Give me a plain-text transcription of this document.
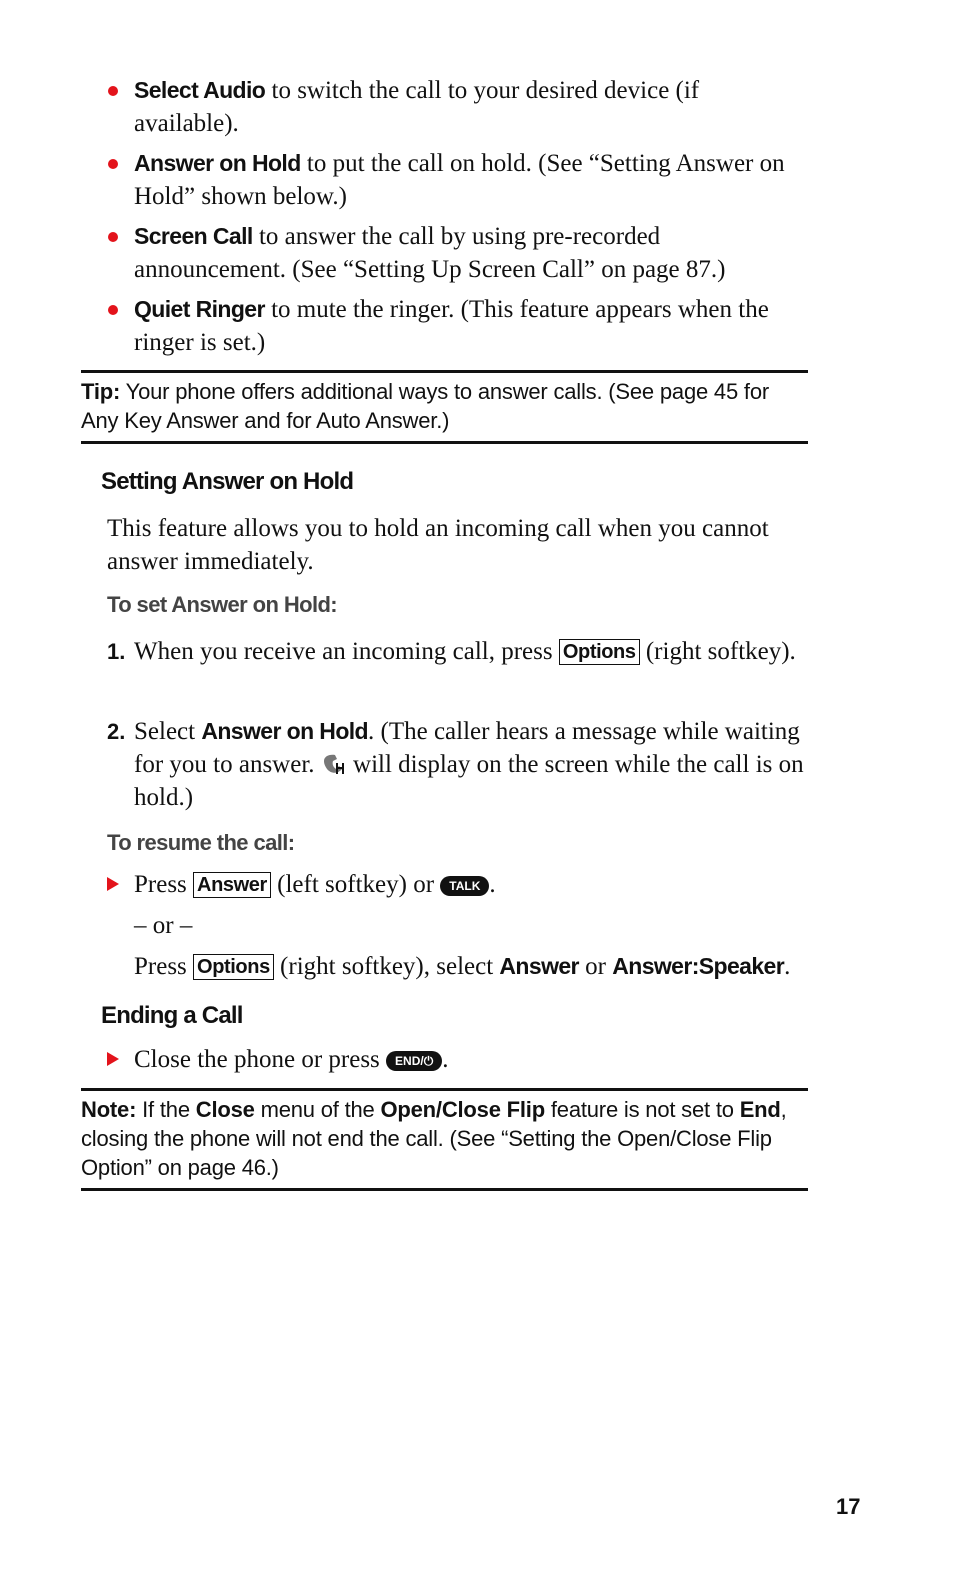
Select Audio to switch the call to your desired device (if available).
Answer on Hold to put the call on hold. (See “Setting Answer on Hold” shown below.)
Screen Call to answer the call by using pre-recorded announcement. (See “Setting Up Screen Call” on page 87.)
Quiet Ringer to mute the ringer. (This feature appears when the ringer is set.)
Tip: Your phone offers additional ways to answer calls. (See page 45 for Any Key Answer and for Auto Answer.)
Setting Answer on Hold
This feature allows you to hold an incoming call when you cannot answer immediately.
To set Answer on Hold:
1. When you receive an incoming call, press Options (right softkey).
2. Select Answer on Hold. (The caller hears a message while waiting for you to answer.  will display on the screen while the call is on hold.)
To resume the call:
Press Answer (left softkey) or TALK .
– or –
Press Options (right softkey), select Answer or Answer:Speaker.
Ending a Call
Close the phone or press END/⏻ .
Note: If the Close menu of the Open/Close Flip feature is not set to End, closing the phone will not end the call. (See “Setting the Open/Close Flip Option” on page 46.)
17
